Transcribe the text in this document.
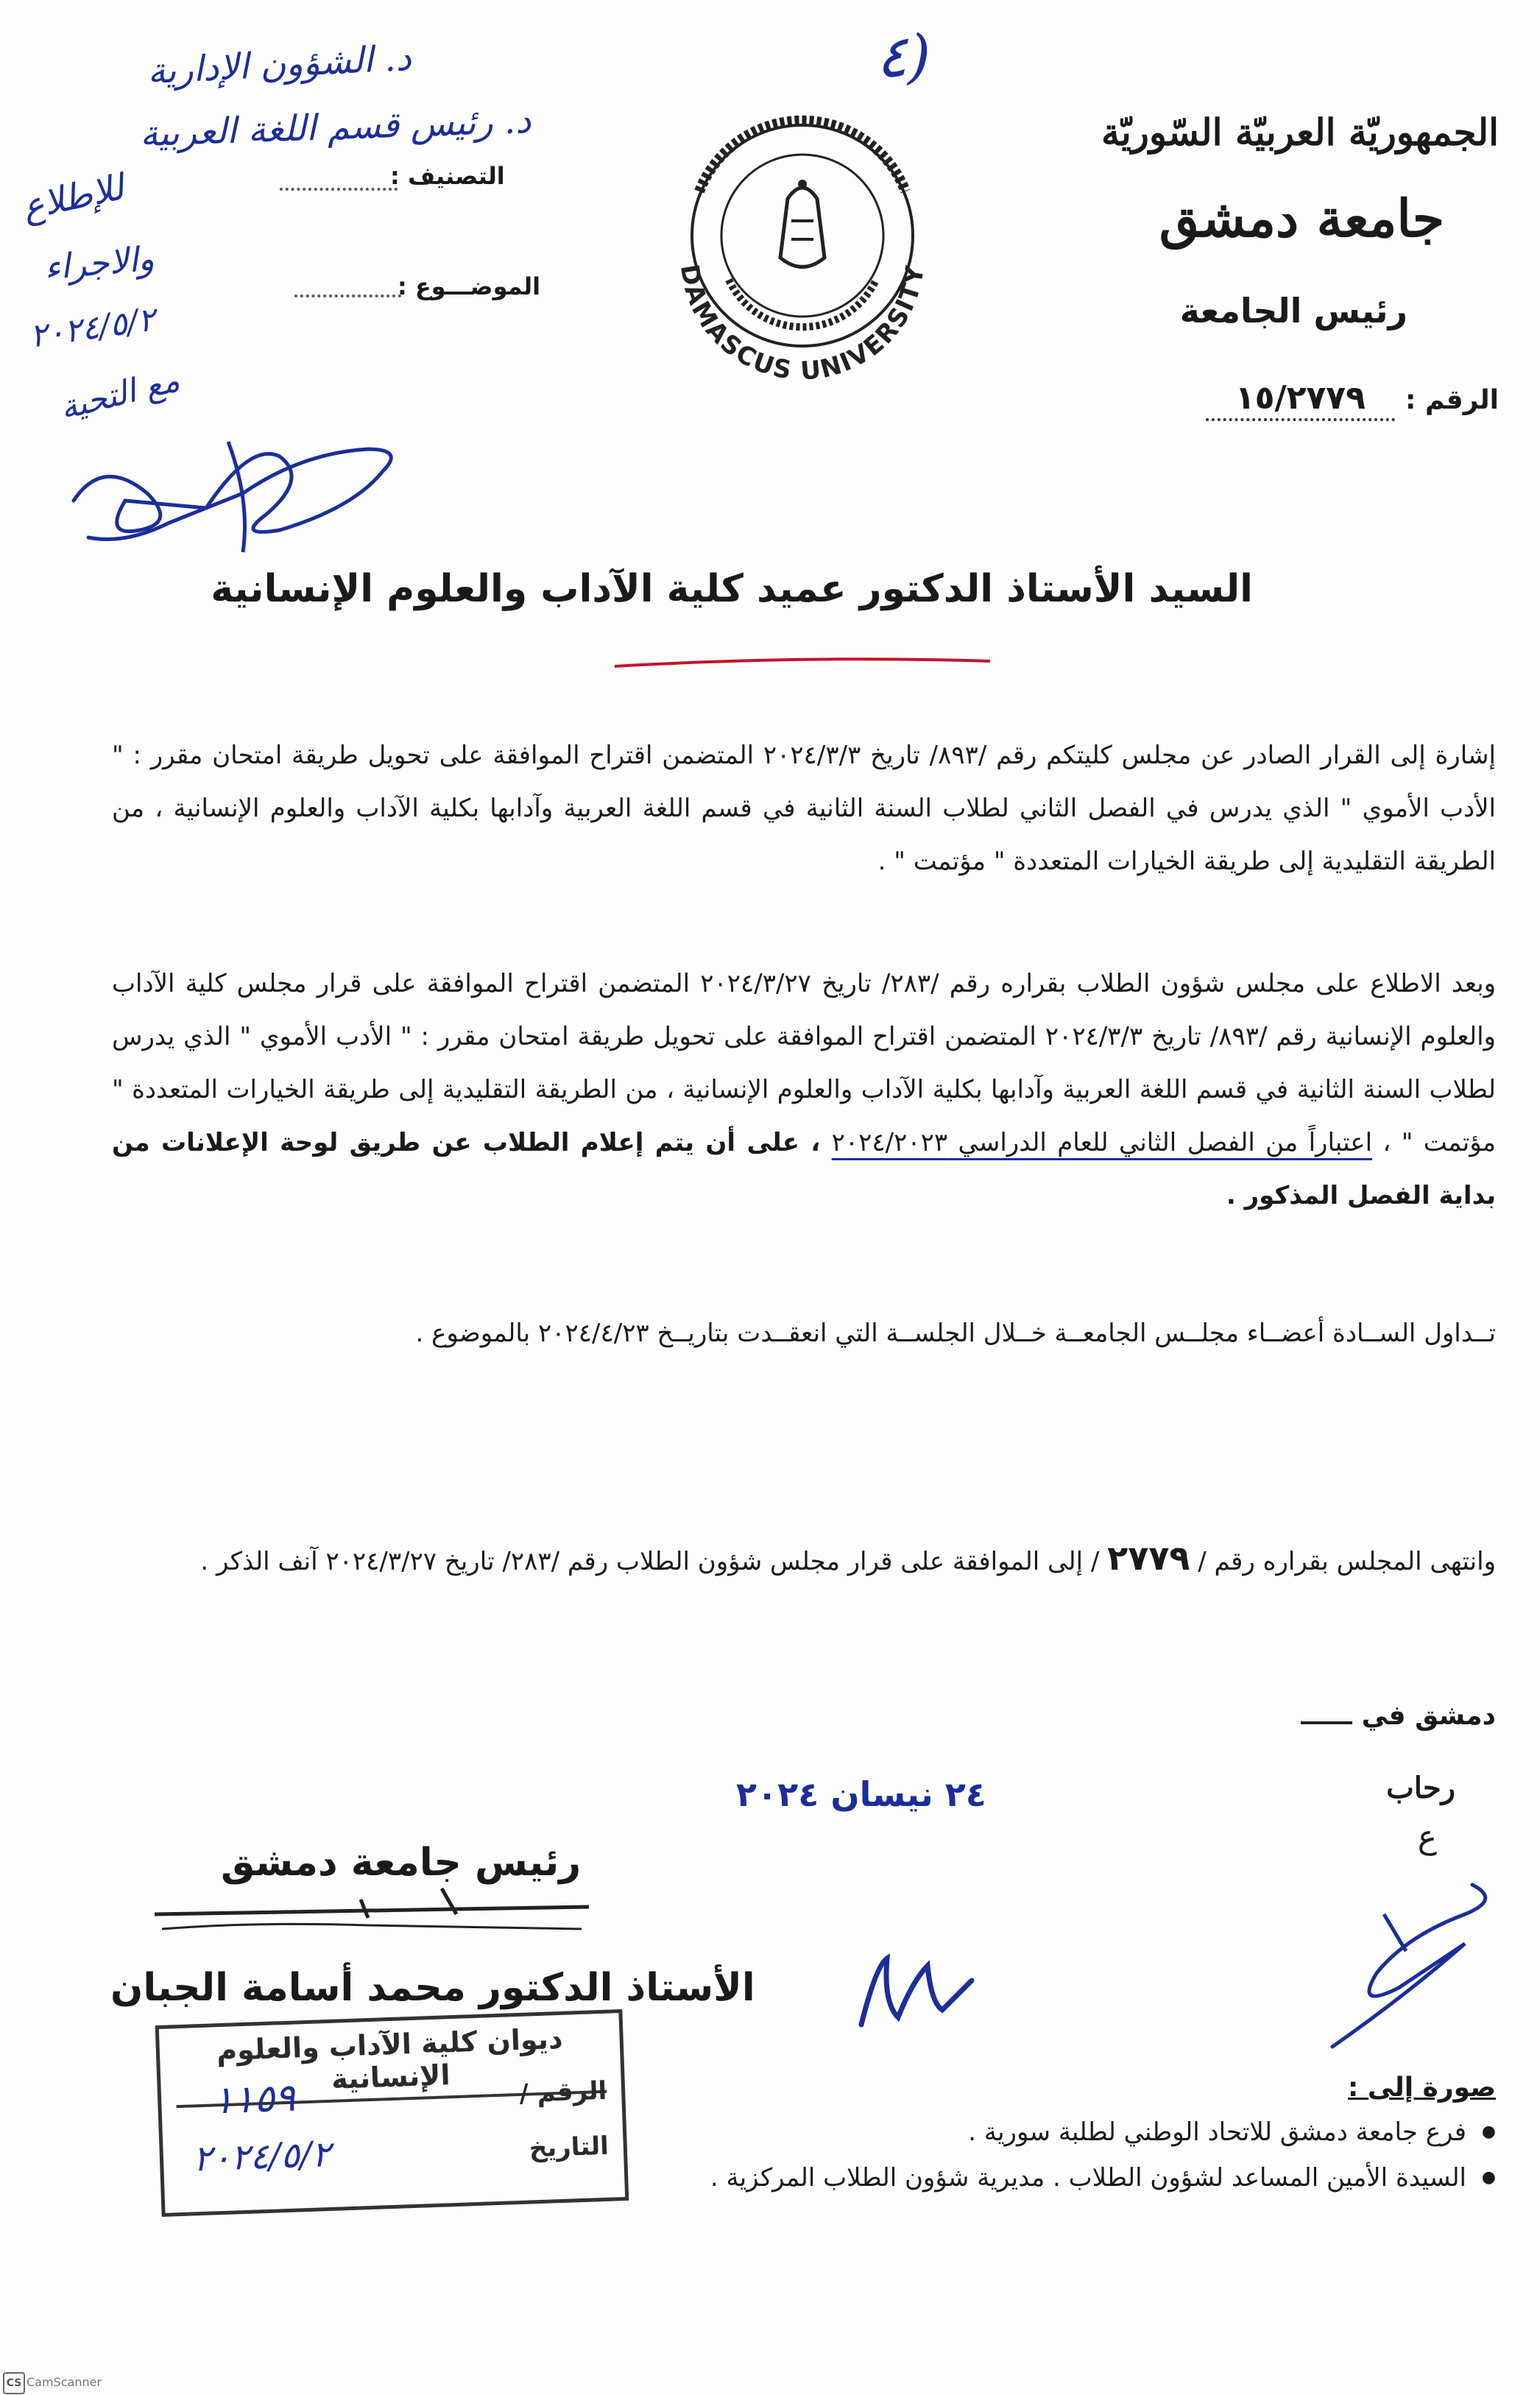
الجمهوريّة العربيّة السّوريّة
جامعة دمشق
رئيس الجامعة
الرقم :
١٥/٢٧٧٩
DAMASCUS UNIVERSITY
التصنيف :
الموضـــوع :
(٤
د. الشؤون الإدارية
د. رئيس قسم اللغة العربية
للإطلاع
والاجراء
٢٠٢٤/٥/٢
مع التحية
السيد الأستاذ الدكتور عميد كلية الآداب والعلوم الإنسانية
إشارة إلى القرار الصادر عن مجلس كليتكم رقم /٨٩٣/ تاريخ ٢٠٢٤/٣/٣ المتضمن اقتراح الموافقة على تحويل طريقة امتحان مقرر : " الأدب الأموي " الذي يدرس في الفصل الثاني لطلاب السنة الثانية في قسم اللغة العربية وآدابها بكلية الآداب والعلوم الإنسانية ، من الطريقة التقليدية إلى طريقة الخيارات المتعددة " مؤتمت " .
وبعد الاطلاع على مجلس شؤون الطلاب بقراره رقم /٢٨٣/ تاريخ ٢٠٢٤/٣/٢٧ المتضمن اقتراح الموافقة على قرار مجلس كلية الآداب والعلوم الإنسانية رقم /٨٩٣/ تاريخ ٢٠٢٤/٣/٣ المتضمن اقتراح الموافقة على تحويل طريقة امتحان مقرر : " الأدب الأموي " الذي يدرس لطلاب السنة الثانية في قسم اللغة العربية وآدابها بكلية الآداب والعلوم الإنسانية ، من الطريقة التقليدية إلى طريقة الخيارات المتعددة " مؤتمت " ، اعتباراً من الفصل الثاني للعام الدراسي ٢٠٢٤/٢٠٢٣ ، على أن يتم إعلام الطلاب عن طريق لوحة الإعلانات من بداية الفصل المذكور .
تــداول الســادة أعضــاء مجلــس الجامعــة خــلال الجلســة التي انعقــدت بتاريــخ ٢٠٢٤/٤/٢٣ بالموضوع .
وانتهى المجلس بقراره رقم / ٢٧٧٩ / إلى الموافقة على قرار مجلس شؤون الطلاب رقم /٢٨٣/ تاريخ ٢٠٢٤/٣/٢٧ آنف الذكر .
دمشق في
رحاب
ع
٢٤ نيسان ٢٠٢٤
رئيس جامعة دمشق
الأستاذ الدكتور محمد أسامة الجبان
ديوان كلية الآداب والعلوم الإنسانية	الرقم /
١١٥٩
التاريخ
٢٠٢٤/٥/٢
صورة إلى :
● فرع جامعة دمشق للاتحاد الوطني لطلبة سورية .
● السيدة الأمين المساعد لشؤون الطلاب . مديرية شؤون الطلاب المركزية .
CS CamScanner
